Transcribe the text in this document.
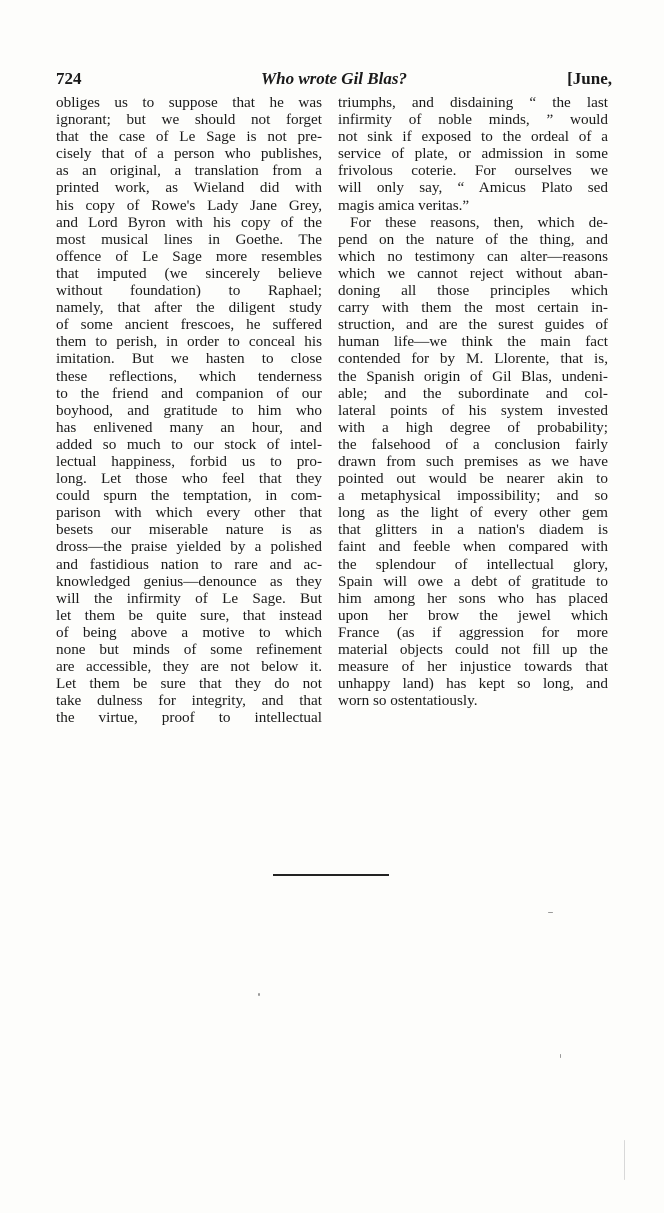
724	Who wrote Gil Blas?	[June,
obliges us to suppose that he was
ignorant; but we should not forget
that the case of Le Sage is not pre-
cisely that of a person who publishes,
as an original, a translation from a
printed work, as Wieland did with
his copy of Rowe's Lady Jane Grey,
and Lord Byron with his copy of the
most musical lines in Goethe. The
offence of Le Sage more resembles
that imputed (we sincerely believe
without foundation) to Raphael;
namely, that after the diligent study
of some ancient frescoes, he suffered
them to perish, in order to conceal his
imitation. But we hasten to close
these reflections, which tenderness
to the friend and companion of our
boyhood, and gratitude to him who
has enlivened many an hour, and
added so much to our stock of intel-
lectual happiness, forbid us to pro-
long. Let those who feel that they
could spurn the temptation, in com-
parison with which every other that
besets our miserable nature is as
dross—the praise yielded by a polished
and fastidious nation to rare and ac-
knowledged genius—denounce as they
will the infirmity of Le Sage. But
let them be quite sure, that instead
of being above a motive to which
none but minds of some refinement
are accessible, they are not below it.
Let them be sure that they do not
take dulness for integrity, and that
the virtue, proof to intellectual
triumphs, and disdaining “ the last
infirmity of noble minds, ” would
not sink if exposed to the ordeal of a
service of plate, or admission in some
frivolous coterie. For ourselves we
will only say, “ Amicus Plato sed
magis amica veritas.”
For these reasons, then, which de-
pend on the nature of the thing, and
which no testimony can alter—reasons
which we cannot reject without aban-
doning all those principles which
carry with them the most certain in-
struction, and are the surest guides of
human life—we think the main fact
contended for by M. Llorente, that is,
the Spanish origin of Gil Blas, undeni-
able; and the subordinate and col-
lateral points of his system invested
with a high degree of probability;
the falsehood of a conclusion fairly
drawn from such premises as we have
pointed out would be nearer akin to
a metaphysical impossibility; and so
long as the light of every other gem
that glitters in a nation's diadem is
faint and feeble when compared with
the splendour of intellectual glory,
Spain will owe a debt of gratitude to
him among her sons who has placed
upon her brow the jewel which
France (as if aggression for more
material objects could not fill up the
measure of her injustice towards that
unhappy land) has kept so long, and
worn so ostentatiously.
